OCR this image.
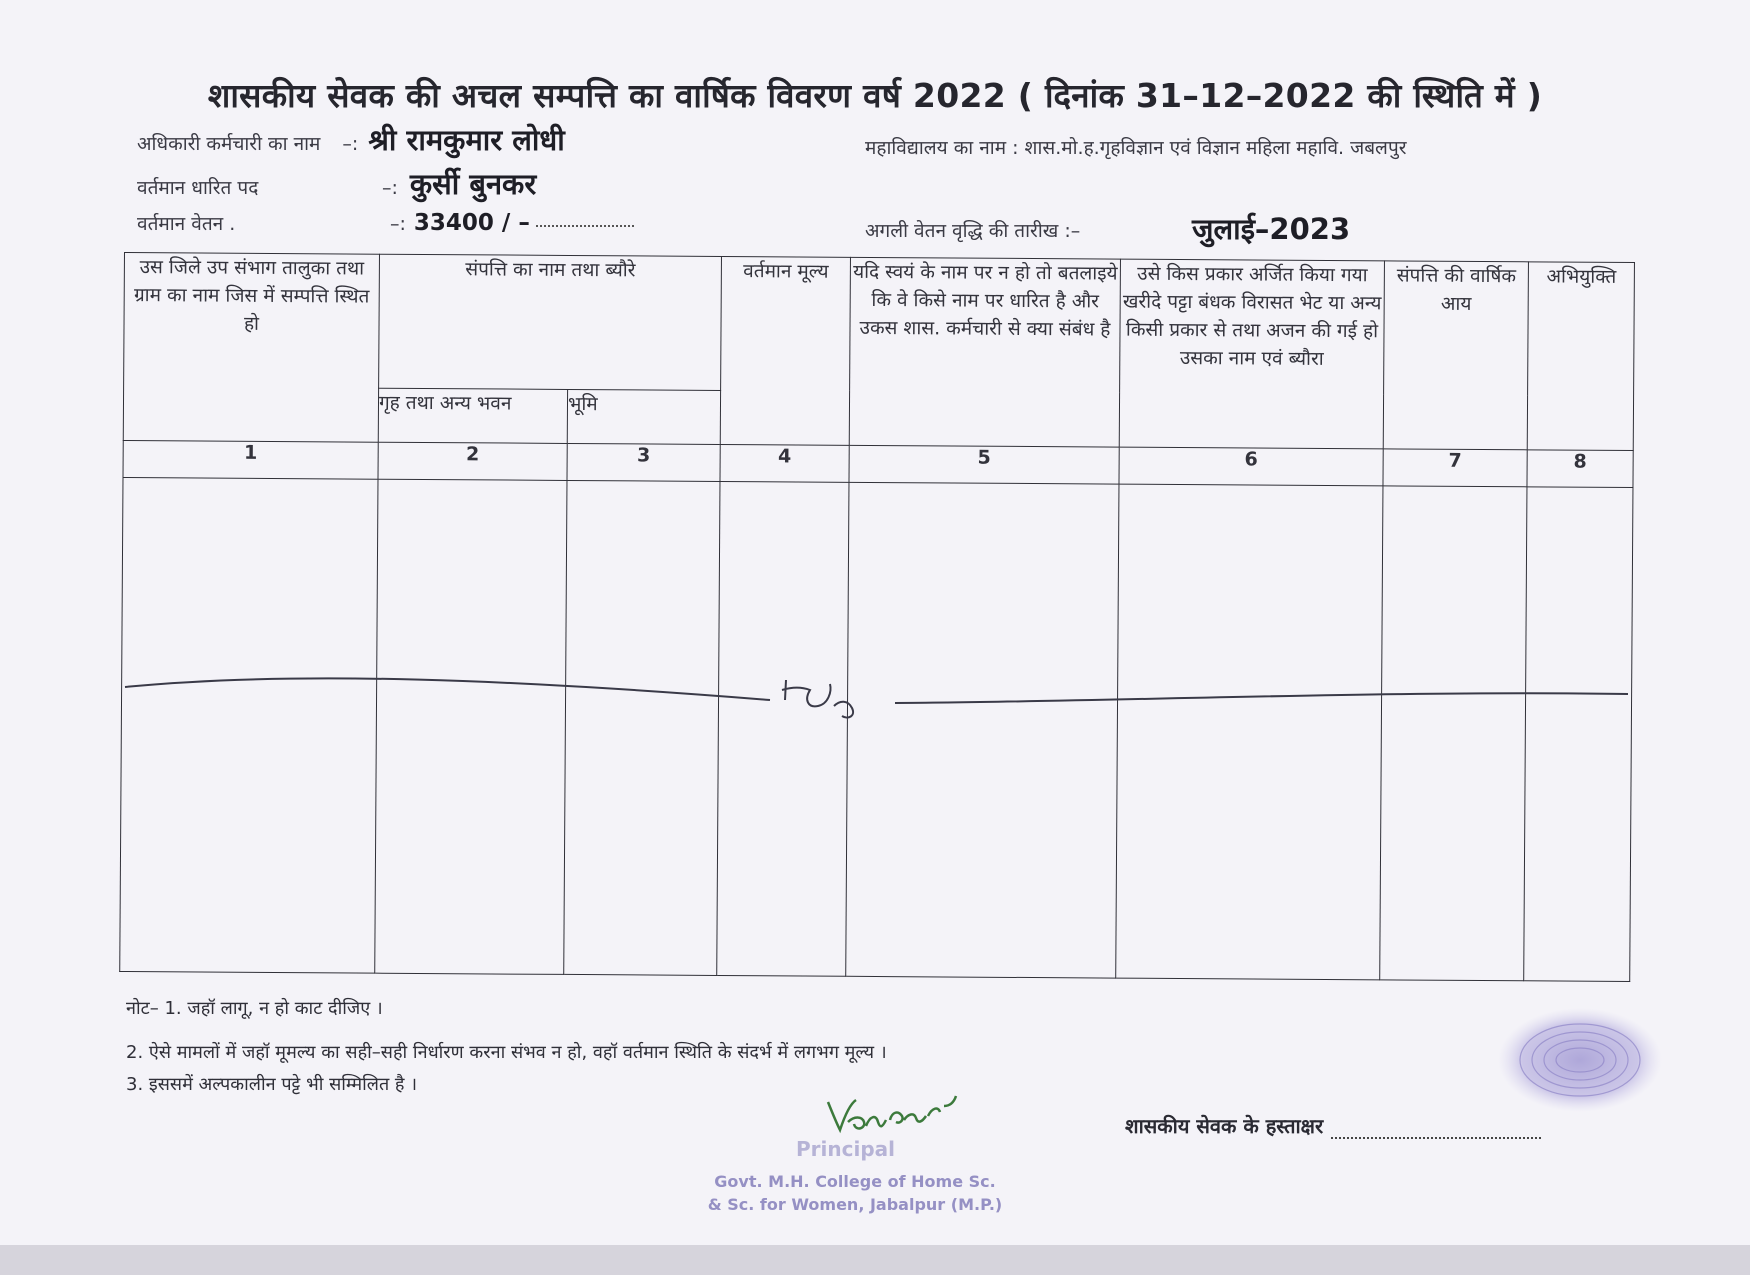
शासकीय सेवक की अचल सम्पत्ति का वार्षिक विवरण वर्ष 2022 ( दिनांक 31–12–2022 की स्थिति में )
अधिकारी कर्मचारी का नाम –: श्री रामकुमार लोधी	महाविद्यालय का नाम : शास.मो.ह.गृहविज्ञान एवं विज्ञान महिला महावि. जबलपुर
वर्तमान धारित पद	–: कुर्सी बुनकर
वर्तमान वेतन .	–: 33400 / –	अगली वेतन वृद्धि की तारीख :–	जुलाई–2023
उस जिले उप संभाग तालुका तथा ग्राम का नाम जिस में सम्पत्ति स्थित हो	संपत्ति का नाम तथा ब्यौरे		वर्तमान मूल्य	यदि स्वयं के नाम पर न हो तो बतलाइये कि वे किसे नाम पर धारित है और उकस शास. कर्मचारी से क्या संबंध है	उसे किस प्रकार अर्जित किया गया खरीदे पट्टा बंधक विरासत भेट या अन्य किसी प्रकार से तथा अजन की गई हो उसका नाम एवं ब्यौरा	संपत्ति की वार्षिक आय	अभियुक्ति
	गृह तथा अन्य भवन	भूमि					
1	2	3	4	5	6	7	8

नोट– 1. जहॉ लागू, न हो काट दीजिए ।
2. ऐसे मामलों में जहॉ मूमल्य का सही–सही निर्धारण करना संभव न हो, वहॉ वर्तमान स्थिति के संदर्भ में लगभग मूल्य ।
3. इससमें अल्पकालीन पट्टे भी सम्मिलित है ।
Principal
Govt. M.H. College of Home Sc.
& Sc. for Women, Jabalpur (M.P.)
शासकीय सेवक के हस्ताक्षर
